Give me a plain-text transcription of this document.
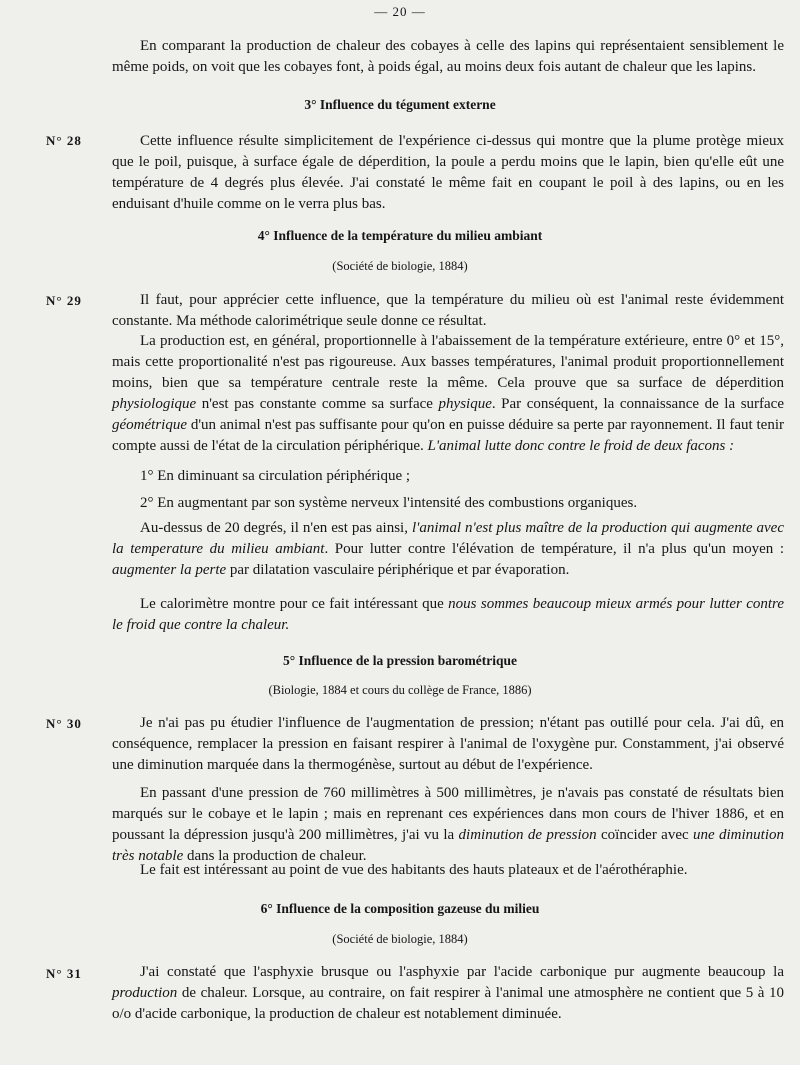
— 20 —

En comparant la production de chaleur des cobayes à celle des lapins qui représentaient sensiblement le même poids, on voit que les cobayes font, à poids égal, au moins deux fois autant de chaleur que les lapins.

3° Influence du tégument externe
N° 28	Cette influence résulte simplicitement de l'expérience ci-dessus qui montre que la plume protège mieux que le poil, puisque, à surface égale de déperdition, la poule a perdu moins que le lapin, bien qu'elle eût une température de 4 degrés plus élevée. J'ai constaté le même fait en coupant le poil à des lapins, ou en les enduisant d'huile comme on le verra plus bas.

4° Influence de la température du milieu ambiant
(Société de biologie, 1884)
N° 29	Il faut, pour apprécier cette influence, que la température du milieu où est l'animal reste évidemment constante. Ma méthode calorimétrique seule donne ce résultat.

La production est, en général, proportionnelle à l'abaissement de la température extérieure, entre 0° et 15°, mais cette proportionalité n'est pas rigoureuse. Aux basses températures, l'animal produit proportionnellement moins, bien que sa température centrale reste la même. Cela prouve que sa surface de déperdition physiologique n'est pas constante comme sa surface physique. Par conséquent, la connaissance de la surface géométrique d'un animal n'est pas suffisante pour qu'on en puisse déduire sa perte par rayonnement. Il faut tenir compte aussi de l'état de la circulation périphérique. L'animal lutte donc contre le froid de deux facons :

1° En diminuant sa circulation périphérique ;

2° En augmentant par son système nerveux l'intensité des combustions organiques.

Au-dessus de 20 degrés, il n'en est pas ainsi, l'animal n'est plus maître de la production qui augmente avec la temperature du milieu ambiant. Pour lutter contre l'élévation de température, il n'a plus qu'un moyen : augmenter la perte par dilatation vasculaire périphérique et par évaporation.

Le calorimètre montre pour ce fait intéressant que nous sommes beaucoup mieux armés pour lutter contre le froid que contre la chaleur.

5° Influence de la pression barométrique
(Biologie, 1884 et cours du collège de France, 1886)
N° 30	Je n'ai pas pu étudier l'influence de l'augmentation de pression; n'étant pas outillé pour cela. J'ai dû, en conséquence, remplacer la pression en faisant respirer à l'animal de l'oxygène pur. Constamment, j'ai observé une diminution marquée dans la thermogénèse, surtout au début de l'expérience.

En passant d'une pression de 760 millimètres à 500 millimètres, je n'avais pas constaté de résultats bien marqués sur le cobaye et le lapin ; mais en reprenant ces expériences dans mon cours de l'hiver 1886, et en poussant la dépression jusqu'à 200 millimètres, j'ai vu la diminution de pression coïncider avec une diminution très notable dans la production de chaleur.

Le fait est intéressant au point de vue des habitants des hauts plateaux et de l'aérothéraphie.

6° Influence de la composition gazeuse du milieu
(Société de biologie, 1884)
N° 31	J'ai constaté que l'asphyxie brusque ou l'asphyxie par l'acide carbonique pur augmente beaucoup la production de chaleur. Lorsque, au contraire, on fait respirer à l'animal une atmosphère ne contient que 5 à 10 o/o d'acide carbonique, la production de chaleur est notablement diminuée.
